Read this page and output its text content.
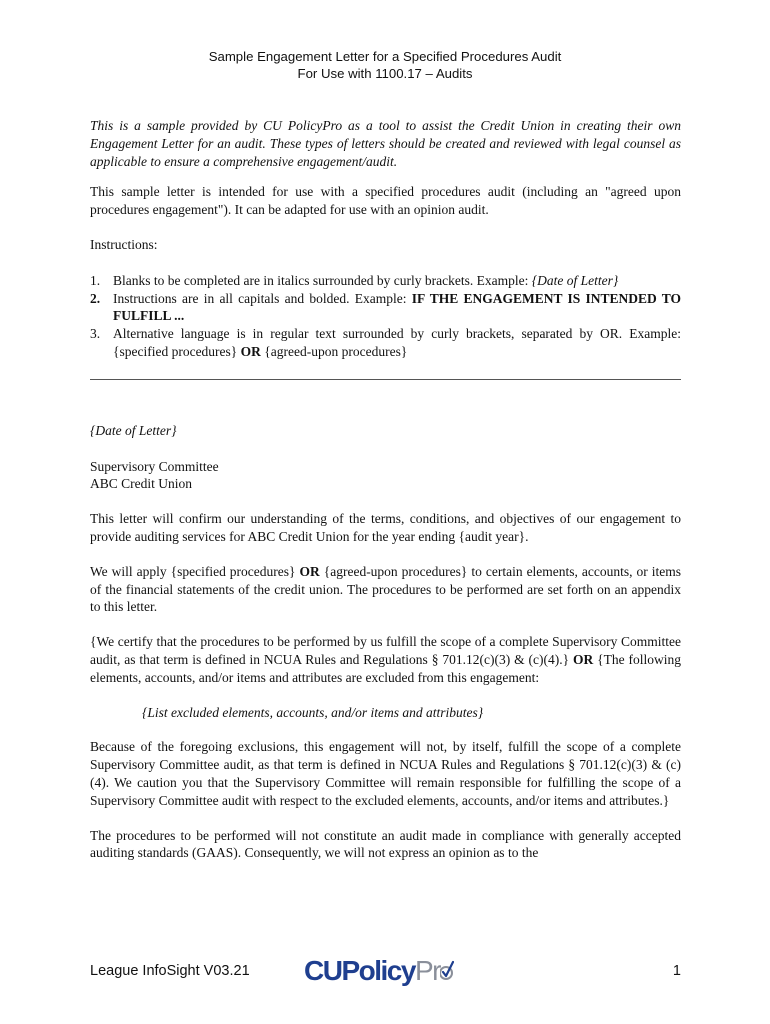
Sample Engagement Letter for a Specified Procedures Audit
For Use with 1100.17 – Audits

This is a sample provided by CU PolicyPro as a tool to assist the Credit Union in creating their own Engagement Letter for an audit. These types of letters should be created and reviewed with legal counsel as applicable to ensure a comprehensive engagement/audit.

This sample letter is intended for use with a specified procedures audit (including an "agreed upon procedures engagement"). It can be adapted for use with an opinion audit.

Instructions:

1. Blanks to be completed are in italics surrounded by curly brackets. Example: {Date of Letter}
2. Instructions are in all capitals and bolded. Example: IF THE ENGAGEMENT IS INTENDED TO FULFILL ...
3. Alternative language is in regular text surrounded by curly brackets, separated by OR. Example: {specified procedures} OR {agreed-upon procedures}

{Date of Letter}

Supervisory Committee

ABC Credit Union

This letter will confirm our understanding of the terms, conditions, and objectives of our engagement to provide auditing services for ABC Credit Union for the year ending {audit year}.

We will apply {specified procedures} OR {agreed-upon procedures} to certain elements, accounts, or items of the financial statements of the credit union. The procedures to be performed are set forth on an appendix to this letter.

{We certify that the procedures to be performed by us fulfill the scope of a complete Supervisory Committee audit, as that term is defined in NCUA Rules and Regulations § 701.12(c)(3) & (c)(4).} OR {The following elements, accounts, and/or items and attributes are excluded from this engagement:

{List excluded elements, accounts, and/or items and attributes}

Because of the foregoing exclusions, this engagement will not, by itself, fulfill the scope of a complete Supervisory Committee audit, as that term is defined in NCUA Rules and Regulations § 701.12(c)(3) & (c)(4). We caution you that the Supervisory Committee will remain responsible for fulfilling the scope of a Supervisory Committee audit with respect to the excluded elements, accounts, and/or items and attributes.}

The procedures to be performed will not constitute an audit made in compliance with generally accepted auditing standards (GAAS). Consequently, we will not express an opinion as to the

League InfoSight V03.21 CUPolicyPr	1
